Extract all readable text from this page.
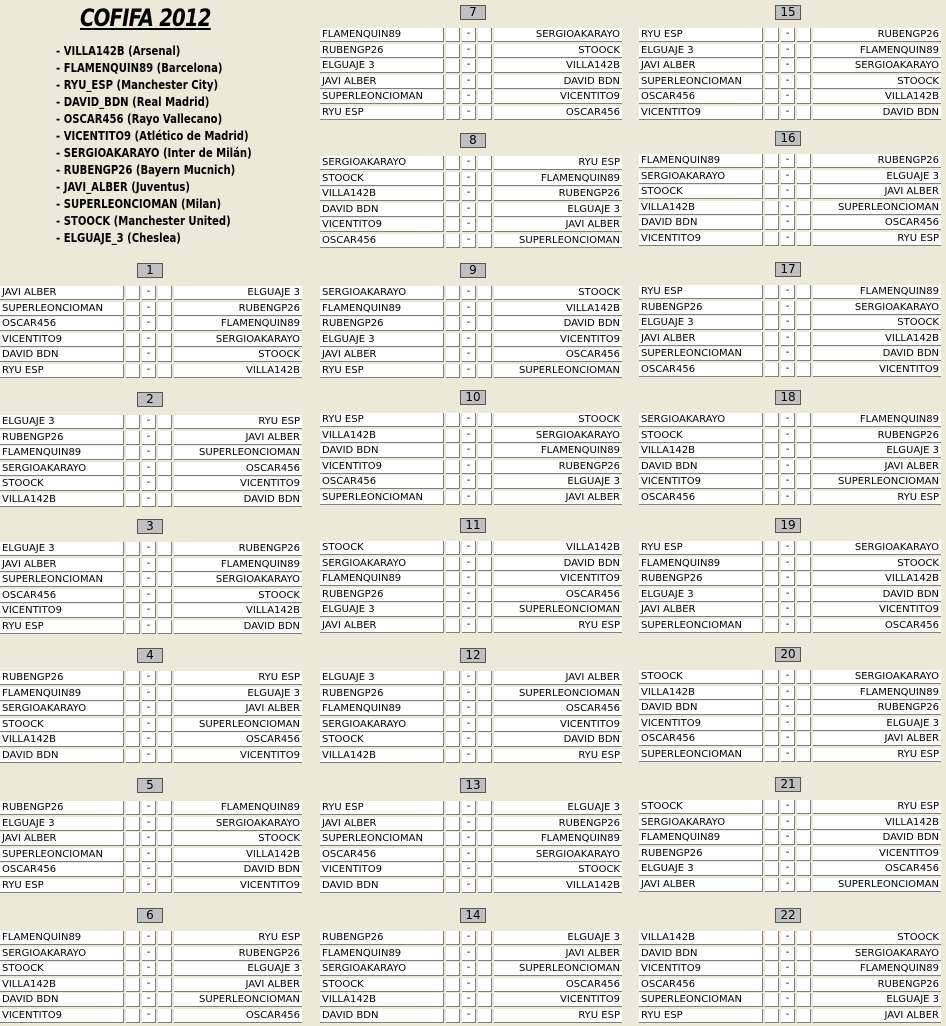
COFIFA 2012
- VILLA142B (Arsenal)
- FLAMENQUIN89 (Barcelona)
- RYU_ESP (Manchester City)
- DAVID_BDN (Real Madrid)
- OSCAR456 (Rayo Vallecano)
- VICENTITO9 (Atlético de Madrid)
- SERGIOAKARAYO (Inter de Milán)
- RUBENGP26 (Bayern Mucnich)
- JAVI_ALBER (Juventus)
- SUPERLEONCIOMAN (Milan)
- STOOCK (Manchester United)
- ELGUAJE_3 (Cheslea)
1
JAVI ALBER	-	ELGUAJE 3
SUPERLEONCIOMAN	-	RUBENGP26
OSCAR456	-	FLAMENQUIN89
VICENTITO9	-	SERGIOAKARAYO
DAVID BDN	-	STOOCK
RYU ESP	-	VILLA142B
2
ELGUAJE 3	-	RYU ESP
RUBENGP26	-	JAVI ALBER
FLAMENQUIN89	-	SUPERLEONCIOMAN
SERGIOAKARAYO	-	OSCAR456
STOOCK	-	VICENTITO9
VILLA142B	-	DAVID BDN
3
ELGUAJE 3	-	RUBENGP26
JAVI ALBER	-	FLAMENQUIN89
SUPERLEONCIOMAN	-	SERGIOAKARAYO
OSCAR456	-	STOOCK
VICENTITO9	-	VILLA142B
RYU ESP	-	DAVID BDN
4
RUBENGP26	-	RYU ESP
FLAMENQUIN89	-	ELGUAJE 3
SERGIOAKARAYO	-	JAVI ALBER
STOOCK	-	SUPERLEONCIOMAN
VILLA142B	-	OSCAR456
DAVID BDN	-	VICENTITO9
5
RUBENGP26	-	FLAMENQUIN89
ELGUAJE 3	-	SERGIOAKARAYO
JAVI ALBER	-	STOOCK
SUPERLEONCIOMAN	-	VILLA142B
OSCAR456	-	DAVID BDN
RYU ESP	-	VICENTITO9
6
FLAMENQUIN89	-	RYU ESP
SERGIOAKARAYO	-	RUBENGP26
STOOCK	-	ELGUAJE 3
VILLA142B	-	JAVI ALBER
DAVID BDN	-	SUPERLEONCIOMAN
VICENTITO9	-	OSCAR456
7
FLAMENQUIN89	-	SERGIOAKARAYO
RUBENGP26	-	STOOCK
ELGUAJE 3	-	VILLA142B
JAVI ALBER	-	DAVID BDN
SUPERLEONCIOMAN	-	VICENTITO9
RYU ESP	-	OSCAR456
8
SERGIOAKARAYO	-	RYU ESP
STOOCK	-	FLAMENQUIN89
VILLA142B	-	RUBENGP26
DAVID BDN	-	ELGUAJE 3
VICENTITO9	-	JAVI ALBER
OSCAR456	-	SUPERLEONCIOMAN
9
SERGIOAKARAYO	-	STOOCK
FLAMENQUIN89	-	VILLA142B
RUBENGP26	-	DAVID BDN
ELGUAJE 3	-	VICENTITO9
JAVI ALBER	-	OSCAR456
RYU ESP	-	SUPERLEONCIOMAN
10
RYU ESP	-	STOOCK
VILLA142B	-	SERGIOAKARAYO
DAVID BDN	-	FLAMENQUIN89
VICENTITO9	-	RUBENGP26
OSCAR456	-	ELGUAJE 3
SUPERLEONCIOMAN	-	JAVI ALBER
11
STOOCK	-	VILLA142B
SERGIOAKARAYO	-	DAVID BDN
FLAMENQUIN89	-	VICENTITO9
RUBENGP26	-	OSCAR456
ELGUAJE 3	-	SUPERLEONCIOMAN
JAVI ALBER	-	RYU ESP
12
ELGUAJE 3	-	JAVI ALBER
RUBENGP26	-	SUPERLEONCIOMAN
FLAMENQUIN89	-	OSCAR456
SERGIOAKARAYO	-	VICENTITO9
STOOCK	-	DAVID BDN
VILLA142B	-	RYU ESP
13
RYU ESP	-	ELGUAJE 3
JAVI ALBER	-	RUBENGP26
SUPERLEONCIOMAN	-	FLAMENQUIN89
OSCAR456	-	SERGIOAKARAYO
VICENTITO9	-	STOOCK
DAVID BDN	-	VILLA142B
14
RUBENGP26	-	ELGUAJE 3
FLAMENQUIN89	-	JAVI ALBER
SERGIOAKARAYO	-	SUPERLEONCIOMAN
STOOCK	-	OSCAR456
VILLA142B	-	VICENTITO9
DAVID BDN	-	RYU ESP
15
RYU ESP	-	RUBENGP26
ELGUAJE 3	-	FLAMENQUIN89
JAVI ALBER	-	SERGIOAKARAYO
SUPERLEONCIOMAN	-	STOOCK
OSCAR456	-	VILLA142B
VICENTITO9	-	DAVID BDN
16
FLAMENQUIN89	-	RUBENGP26
SERGIOAKARAYO	-	ELGUAJE 3
STOOCK	-	JAVI ALBER
VILLA142B	-	SUPERLEONCIOMAN
DAVID BDN	-	OSCAR456
VICENTITO9	-	RYU ESP
17
RYU ESP	-	FLAMENQUIN89
RUBENGP26	-	SERGIOAKARAYO
ELGUAJE 3	-	STOOCK
JAVI ALBER	-	VILLA142B
SUPERLEONCIOMAN	-	DAVID BDN
OSCAR456	-	VICENTITO9
18
SERGIOAKARAYO	-	FLAMENQUIN89
STOOCK	-	RUBENGP26
VILLA142B	-	ELGUAJE 3
DAVID BDN	-	JAVI ALBER
VICENTITO9	-	SUPERLEONCIOMAN
OSCAR456	-	RYU ESP
19
RYU ESP	-	SERGIOAKARAYO
FLAMENQUIN89	-	STOOCK
RUBENGP26	-	VILLA142B
ELGUAJE 3	-	DAVID BDN
JAVI ALBER	-	VICENTITO9
SUPERLEONCIOMAN	-	OSCAR456
20
STOOCK	-	SERGIOAKARAYO
VILLA142B	-	FLAMENQUIN89
DAVID BDN	-	RUBENGP26
VICENTITO9	-	ELGUAJE 3
OSCAR456	-	JAVI ALBER
SUPERLEONCIOMAN	-	RYU ESP
21
STOOCK	-	RYU ESP
SERGIOAKARAYO	-	VILLA142B
FLAMENQUIN89	-	DAVID BDN
RUBENGP26	-	VICENTITO9
ELGUAJE 3	-	OSCAR456
JAVI ALBER	-	SUPERLEONCIOMAN
22
VILLA142B	-	STOOCK
DAVID BDN	-	SERGIOAKARAYO
VICENTITO9	-	FLAMENQUIN89
OSCAR456	-	RUBENGP26
SUPERLEONCIOMAN	-	ELGUAJE 3
RYU ESP	-	JAVI ALBER
